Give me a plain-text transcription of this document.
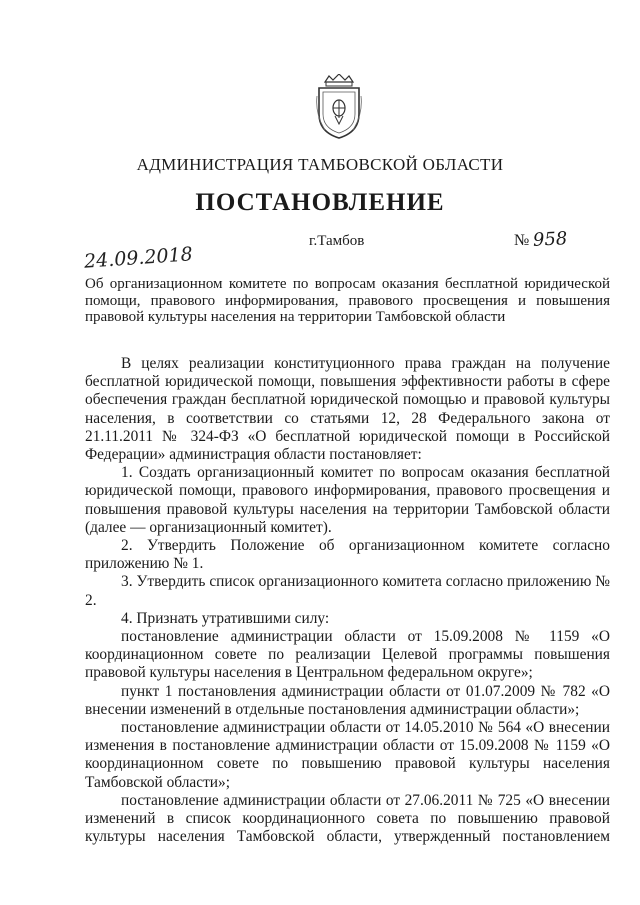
АДМИНИСТРАЦИЯ ТАМБОВСКОЙ ОБЛАСТИ
ПОСТАНОВЛЕНИЕ
24.09.2018
г.Тамбов	№ 958
Об организационном комитете по вопросам оказания бесплатной юридической помощи, правового информирования, правового просвещения и повышения правовой культуры населения на территории Тамбовской области

В целях реализации конституционного права граждан на получение бесплатной юридической помощи, повышения эффективности работы в сфере обеспечения граждан бесплатной юридической помощью и правовой культуры населения, в соответствии со статьями 12, 28 Федерального закона от 21.11.2011 № 324-ФЗ «О бесплатной юридической помощи в Российской Федерации» администрация области постановляет:

1. Создать организационный комитет по вопросам оказания бесплатной юридической помощи, правового информирования, правового просвещения и повышения правовой культуры населения на территории Тамбовской области (далее — организационный комитет).

2. Утвердить Положение об организационном комитете согласно приложению № 1.

3. Утвердить список организационного комитета согласно приложению № 2.

4. Признать утратившими силу:

постановление администрации области от 15.09.2008 № 1159 «О координационном совете по реализации Целевой программы повышения правовой культуры населения в Центральном федеральном округе»;

пункт 1 постановления администрации области от 01.07.2009 № 782 «О внесении изменений в отдельные постановления администрации области»;

постановление администрации области от 14.05.2010 № 564 «О внесении изменения в постановление администрации области от 15.09.2008 № 1159 «О координационном совете по повышению правовой культуры населения Тамбовской области»;

постановление администрации области от 27.06.2011 № 725 «О внесении изменений в список координационного совета по повышению правовой культуры населения Тамбовской области, утвержденный постановлением
